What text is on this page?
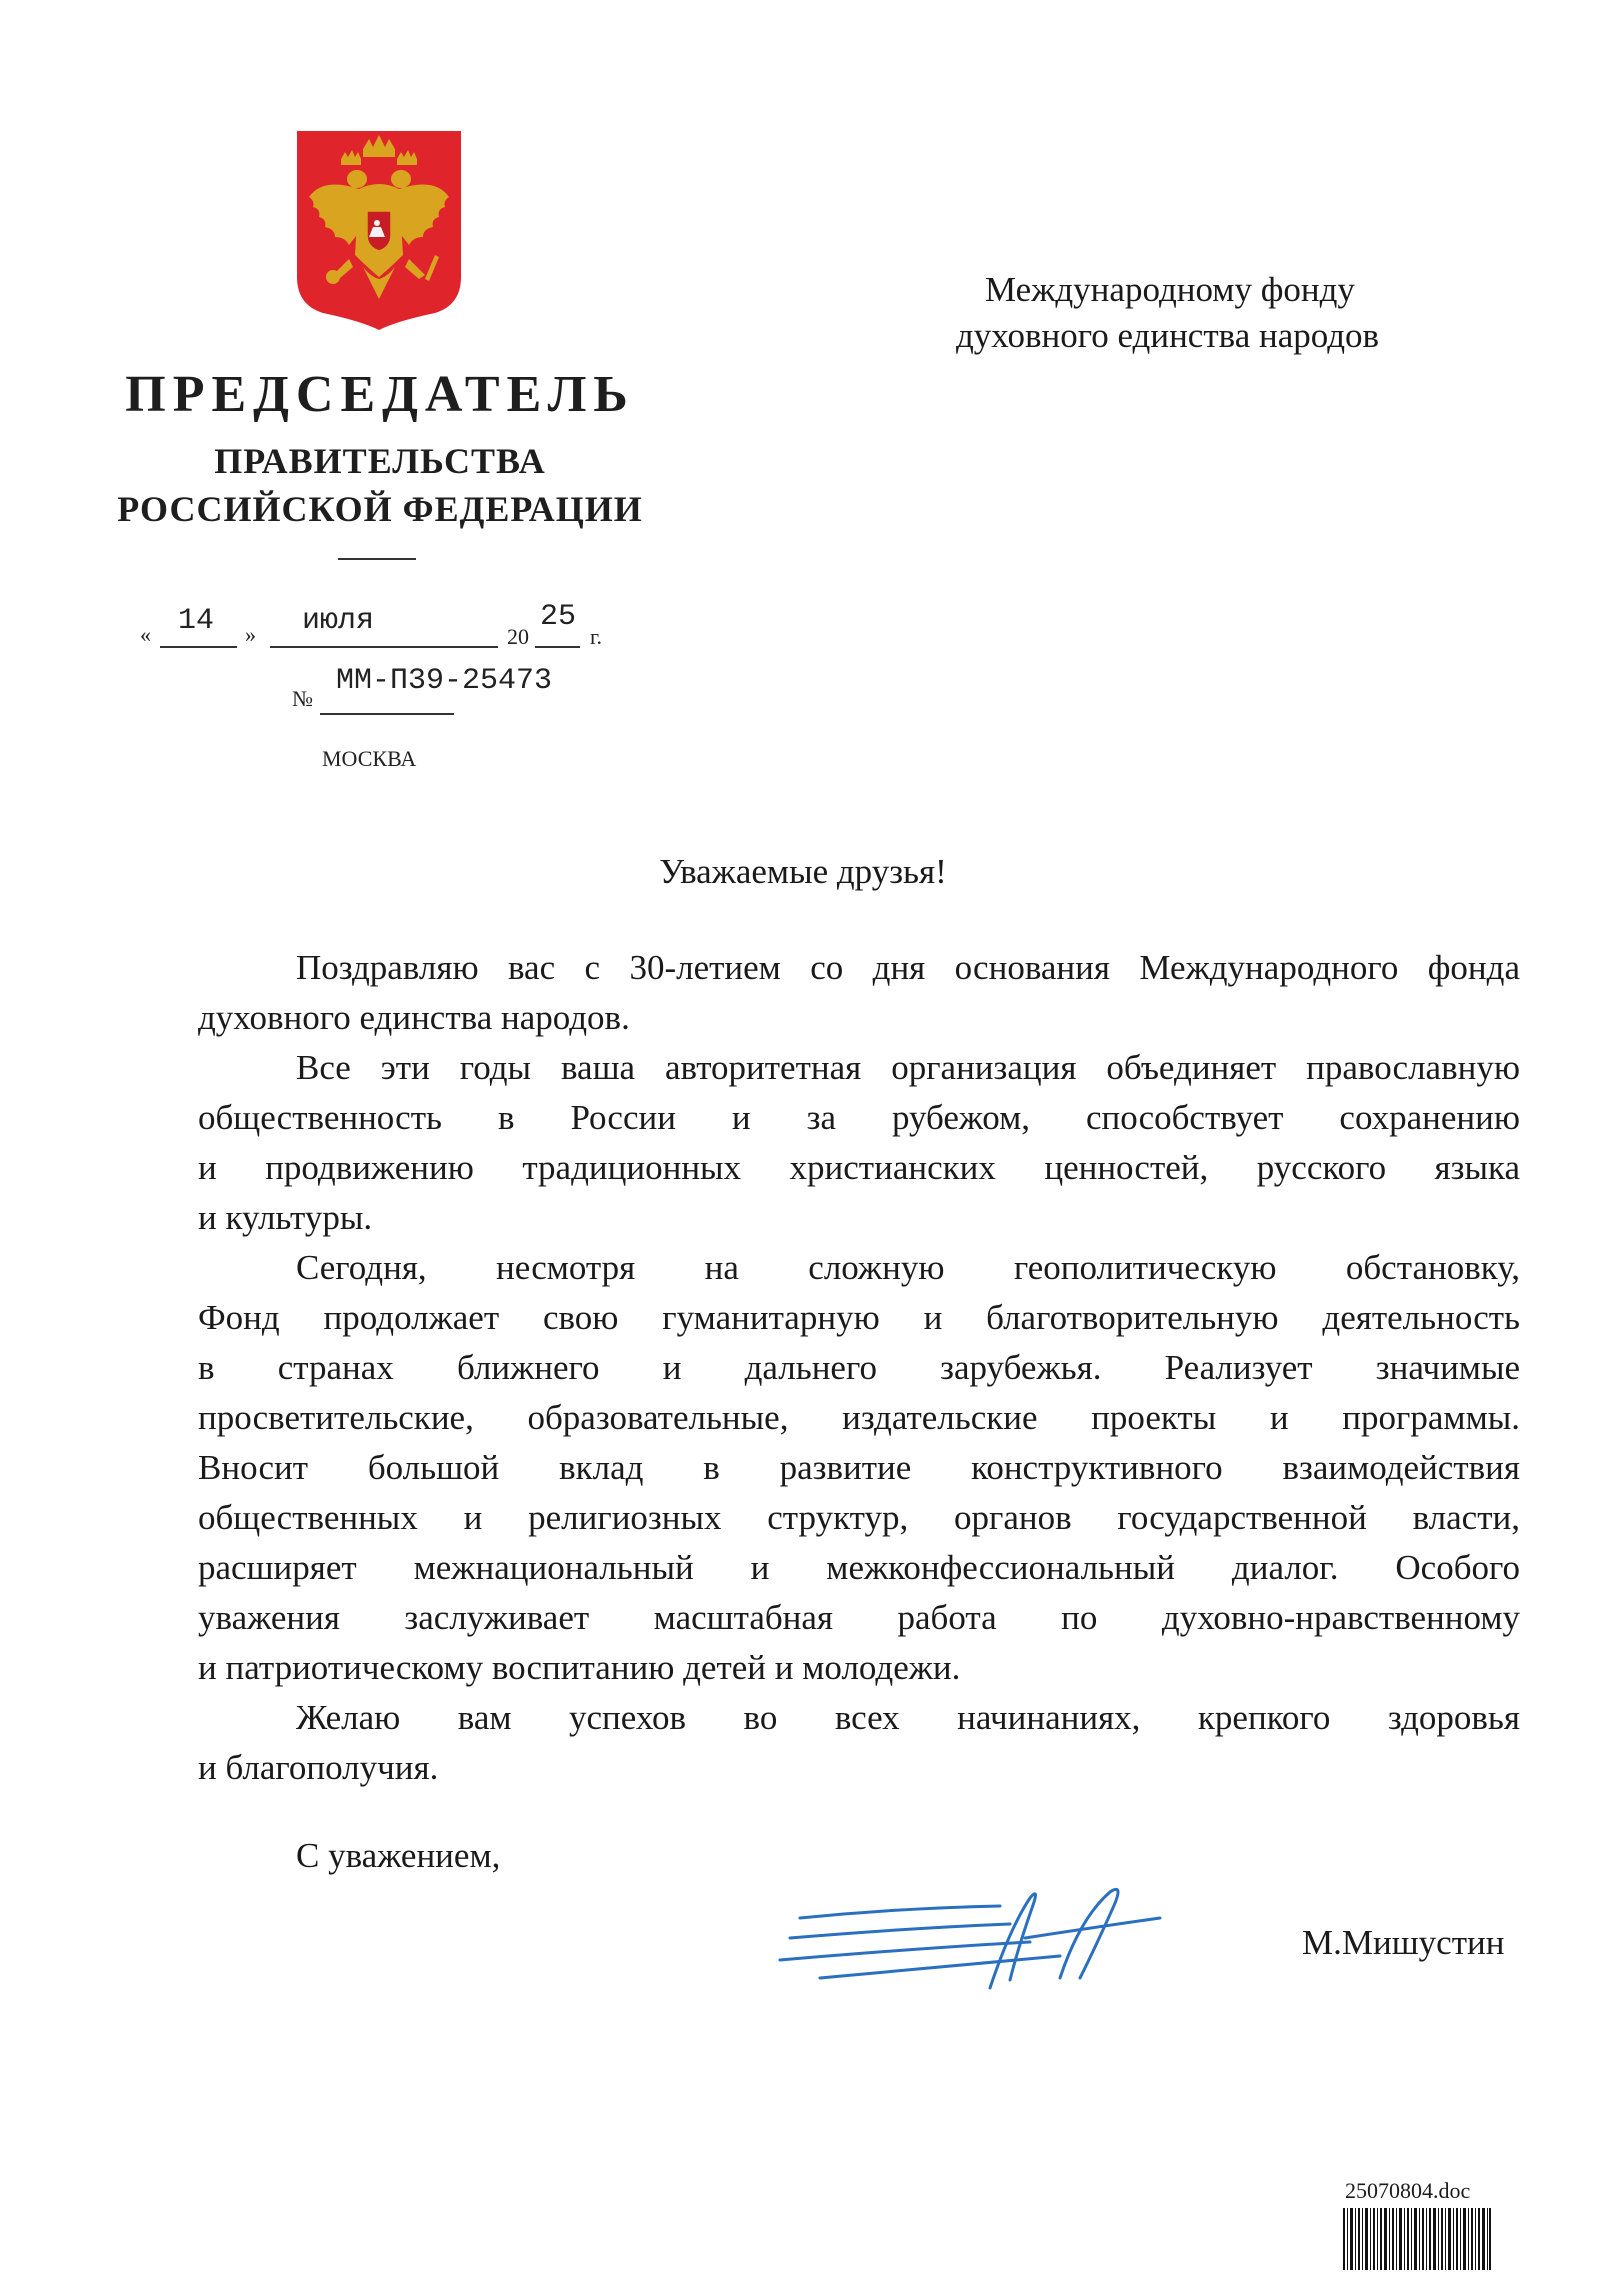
ПРЕДСЕДАТЕЛЬ
ПРАВИТЕЛЬСТВА
РОССИЙСКОЙ ФЕДЕРАЦИИ
« 14 » июля	20
25
г.
№
ММ-П39-25473
МОСКВА
Международному фонду
духовного единства народов
Уважаемые друзья!
Поздравляю вас с 30-летием со дня основания Международного фонда
духовного единства народов.
Все эти годы ваша авторитетная организация объединяет православную
общественность в России и за рубежом, способствует сохранению
и продвижению традиционных христианских ценностей, русского языка
и культуры.
Сегодня, несмотря на сложную геополитическую обстановку,
Фонд продолжает свою гуманитарную и благотворительную деятельность
в странах ближнего и дальнего зарубежья. Реализует значимые
просветительские, образовательные, издательские проекты и программы.
Вносит большой вклад в развитие конструктивного взаимодействия
общественных и религиозных структур, органов государственной власти,
расширяет межнациональный и межконфессиональный диалог. Особого
уважения заслуживает масштабная работа по духовно-нравственному
и патриотическому воспитанию детей и молодежи.
Желаю вам успехов во всех начинаниях, крепкого здоровья
и благополучия.
С уважением,
М.Мишустин
25070804.doc
